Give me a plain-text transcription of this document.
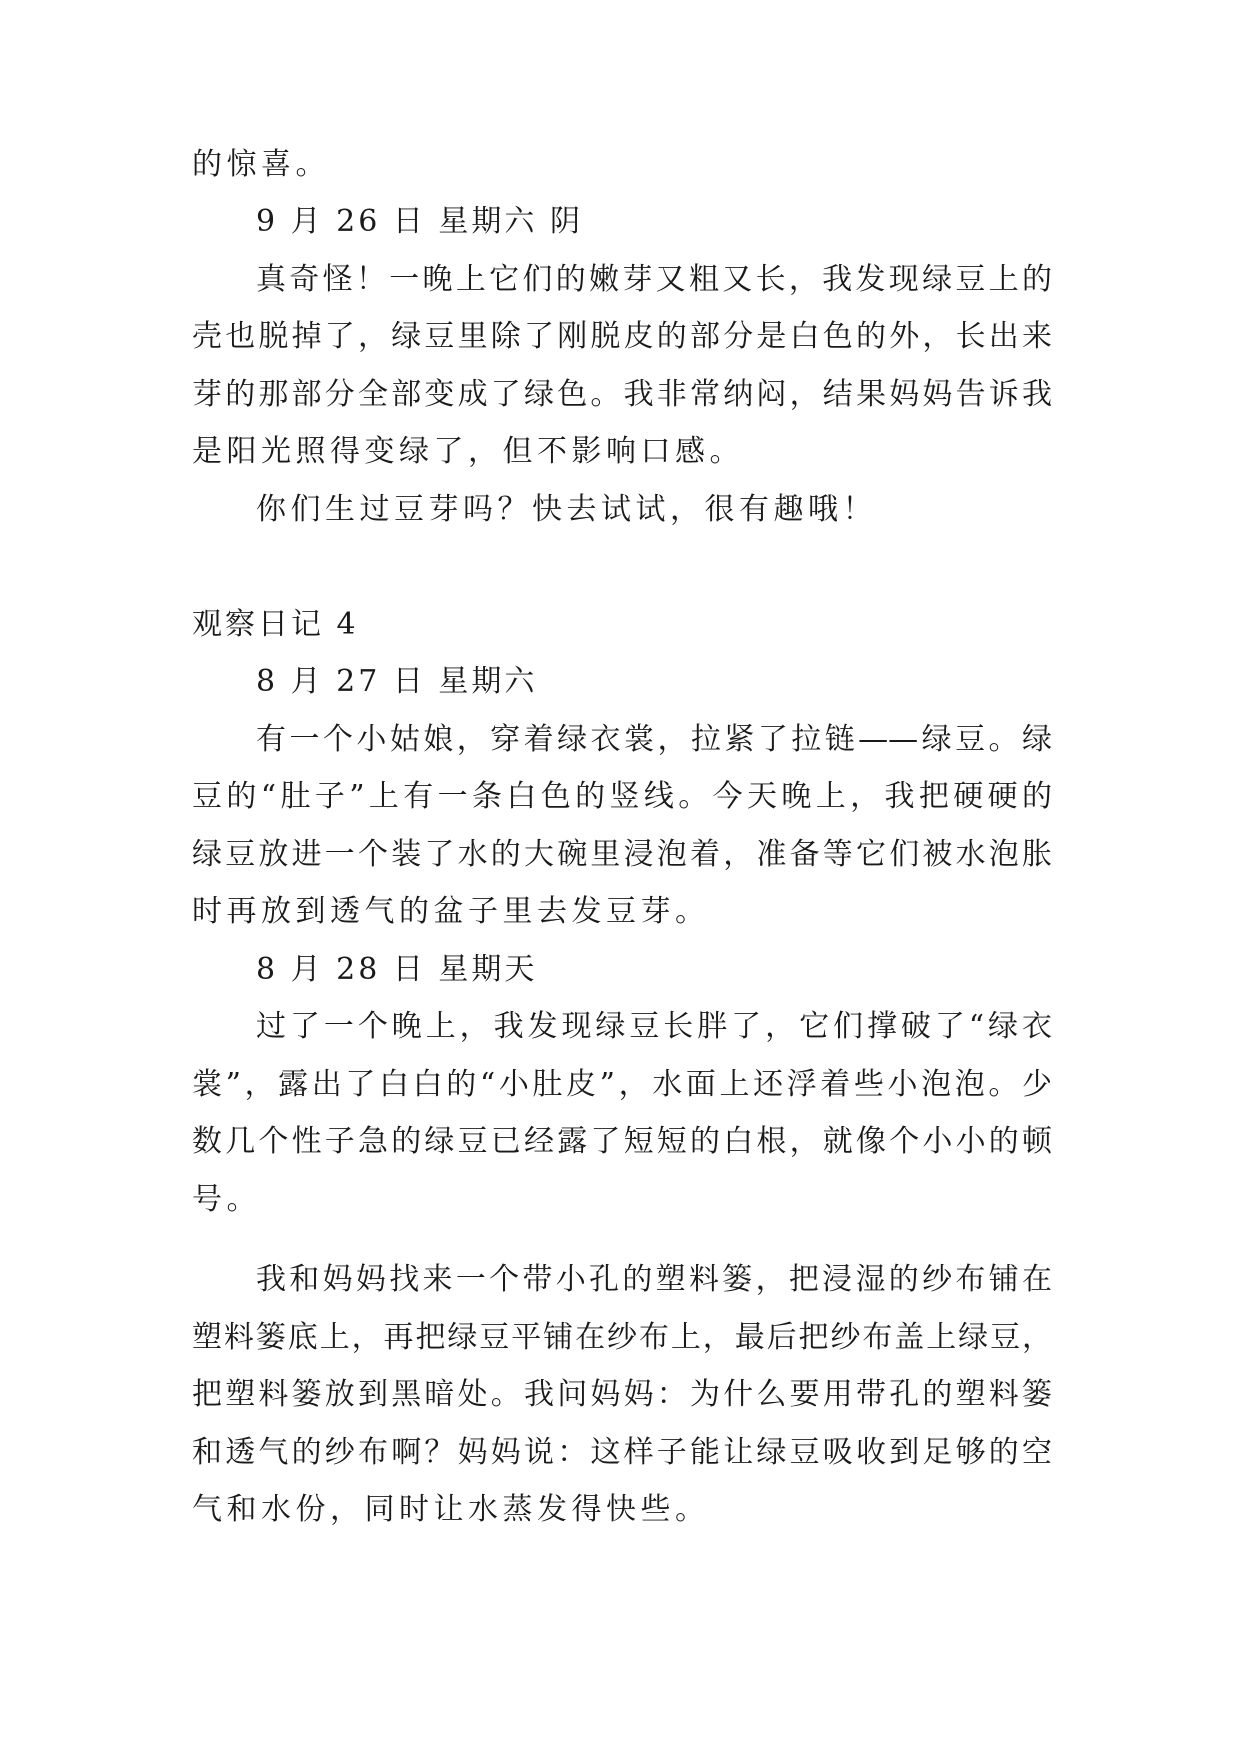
的惊喜。
9 月 26 日 星期六 阴
真奇怪！一晚上它们的嫩芽又粗又长，我发现绿豆上的
壳也脱掉了，绿豆里除了刚脱皮的部分是白色的外，长出来
芽的那部分全部变成了绿色。我非常纳闷，结果妈妈告诉我
是阳光照得变绿了，但不影响口感。
你们生过豆芽吗？快去试试，很有趣哦！
观察日记 4
8 月 27 日 星期六
有一个小姑娘，穿着绿衣裳，拉紧了拉链——绿豆。绿
豆的“肚子”上有一条白色的竖线。今天晚上，我把硬硬的
绿豆放进一个装了水的大碗里浸泡着，准备等它们被水泡胀
时再放到透气的盆子里去发豆芽。
8 月 28 日 星期天
过了一个晚上，我发现绿豆长胖了，它们撑破了“绿衣
裳”，露出了白白的“小肚皮”，水面上还浮着些小泡泡。少
数几个性子急的绿豆已经露了短短的白根，就像个小小的顿
号。
我和妈妈找来一个带小孔的塑料篓，把浸湿的纱布铺在
塑料篓底上，再把绿豆平铺在纱布上，最后把纱布盖上绿豆，
把塑料篓放到黑暗处。我问妈妈：为什么要用带孔的塑料篓
和透气的纱布啊？妈妈说：这样子能让绿豆吸收到足够的空
气和水份，同时让水蒸发得快些。
